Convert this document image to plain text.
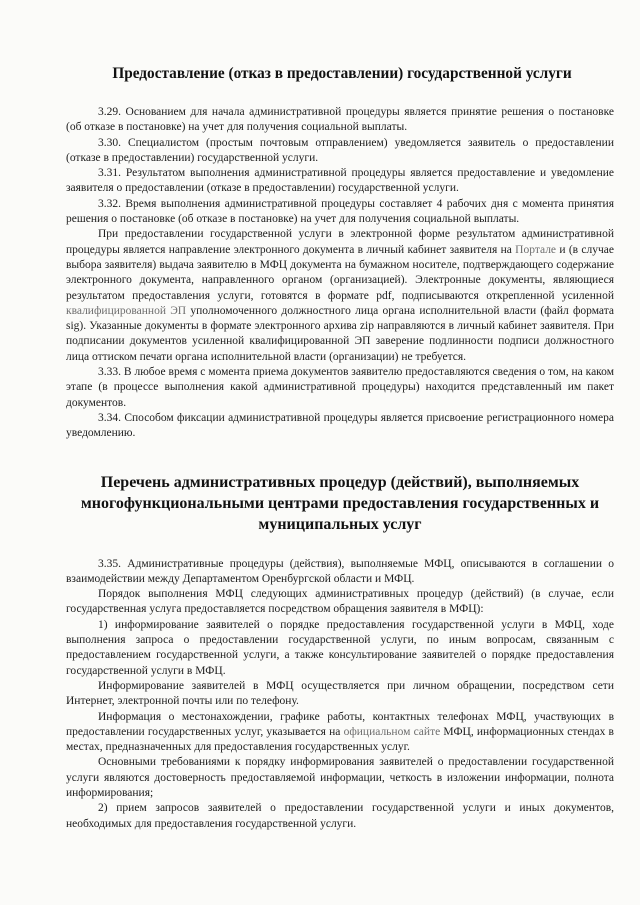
Предоставление (отказ в предоставлении) государственной услуги

3.29. Основанием для начала административной процедуры является принятие решения о постановке (об отказе в постановке) на учет для получения социальной выплаты.

3.30. Специалистом (простым почтовым отправлением) уведомляется заявитель о предоставлении (отказе в предоставлении) государственной услуги.

3.31. Результатом выполнения административной процедуры является предоставление и уведомление заявителя о предоставлении (отказе в предоставлении) государственной услуги.

3.32. Время выполнения административной процедуры составляет 4 рабочих дня с момента принятия решения о постановке (об отказе в постановке) на учет для получения социальной выплаты.

При предоставлении государственной услуги в электронной форме результатом административной процедуры является направление электронного документа в личный кабинет заявителя на Портале и (в случае выбора заявителя) выдача заявителю в МФЦ документа на бумажном носителе, подтверждающего содержание электронного документа, направленного органом (организацией). Электронные документы, являющиеся результатом предоставления услуги, готовятся в формате pdf, подписываются открепленной усиленной квалифицированной ЭП уполномоченного должностного лица органа исполнительной власти (файл формата sig). Указанные документы в формате электронного архива zip направляются в личный кабинет заявителя. При подписании документов усиленной квалифицированной ЭП заверение подлинности подписи должностного лица оттиском печати органа исполнительной власти (организации) не требуется.

3.33. В любое время с момента приема документов заявителю предоставляются сведения о том, на каком этапе (в процессе выполнения какой административной процедуры) находится представленный им пакет документов.

3.34. Способом фиксации административной процедуры является присвоение регистрационного номера уведомлению.

Перечень административных процедур (действий), выполняемых многофункциональными центрами предоставления государственных и муниципальных услуг

3.35. Административные процедуры (действия), выполняемые МФЦ, описываются в соглашении о взаимодействии между Департаментом Оренбургской области и МФЦ.

Порядок выполнения МФЦ следующих административных процедур (действий) (в случае, если государственная услуга предоставляется посредством обращения заявителя в МФЦ):

1) информирование заявителей о порядке предоставления государственной услуги в МФЦ, ходе выполнения запроса о предоставлении государственной услуги, по иным вопросам, связанным с предоставлением государственной услуги, а также консультирование заявителей о порядке предоставления государственной услуги в МФЦ.

Информирование заявителей в МФЦ осуществляется при личном обращении, посредством сети Интернет, электронной почты или по телефону.

Информация о местонахождении, графике работы, контактных телефонах МФЦ, участвующих в предоставлении государственных услуг, указывается на официальном сайте МФЦ, информационных стендах в местах, предназначенных для предоставления государственных услуг.

Основными требованиями к порядку информирования заявителей о предоставлении государственной услуги являются достоверность предоставляемой информации, четкость в изложении информации, полнота информирования;

2) прием запросов заявителей о предоставлении государственной услуги и иных документов, необходимых для предоставления государственной услуги.
